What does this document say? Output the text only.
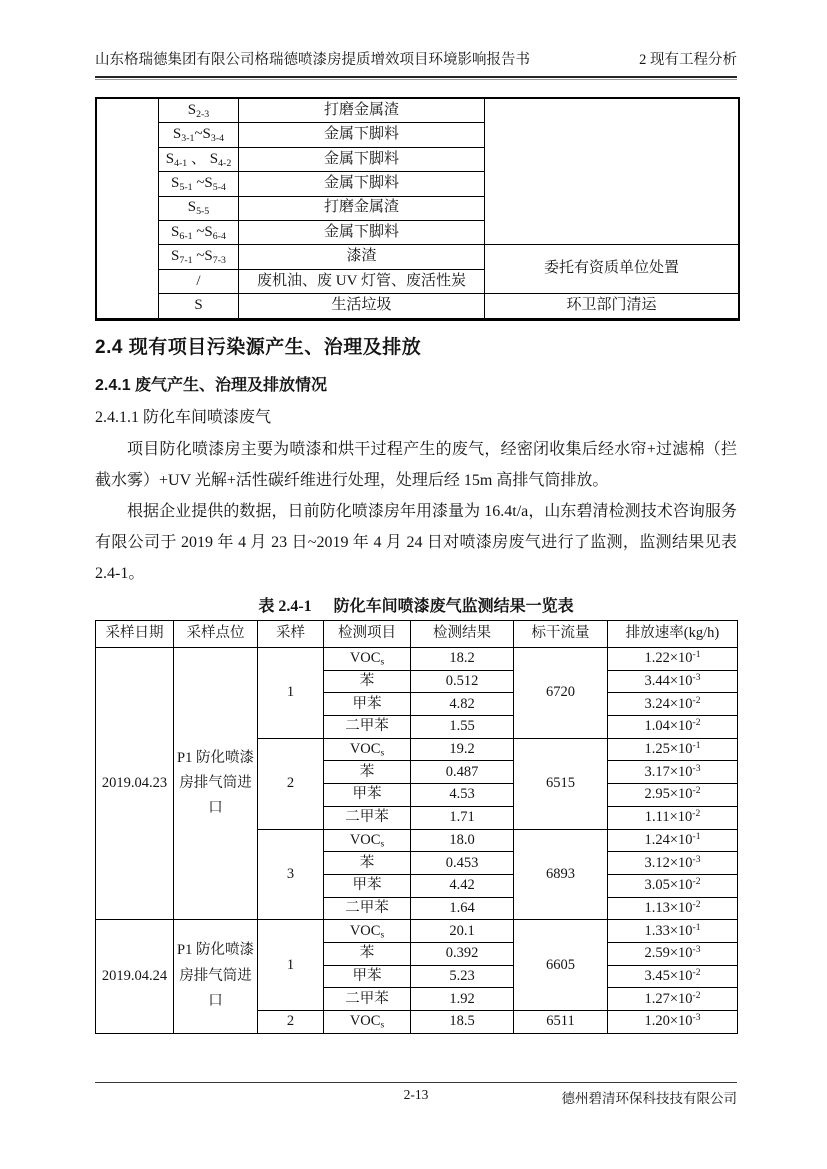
山东格瑞德集团有限公司格瑞德喷漆房提质增效项目环境影响报告书	2 现有工程分析
	$S_{2-3}$	打磨金属渣	
	$S_{3-1}\sim S_{3-4}$	金属下脚料	
	$S_{4-1}$ 、 $S_{4-2}$	金属下脚料	
	$S_{5-1}$ $\sim S_{5-4}$	金属下脚料	
	$S_{5-5}$	打磨金属渣	
	$S_{6-1}$ $\sim S_{6-4}$	金属下脚料	
	$S_{7-1}$ $\sim S_{7-3}$	漆渣	委托有资质单位处置
	/	废机油、废 UV 灯管、废活性炭	
	S	生活垃圾	环卫部门清运
2.4 现有项目污染源产生、治理及排放
2.4.1 废气产生、治理及排放情况
2.4.1.1 防化车间喷漆废气

项目防化喷漆房主要为喷漆和烘干过程产生的废气，经密闭收集后经水帘+过滤棉（拦截水雾）+UV 光解+活性碳纤维进行处理，处理后经 15m 高排气筒排放。

根据企业提供的数据，日前防化喷漆房年用漆量为 16.4t/a，山东碧清检测技术咨询服务有限公司于 2019 年 4 月 23 日~2019 年 4 月 24 日对喷漆房废气进行了监测，监测结果见表 2.4-1。

表 2.4-1 防化车间喷漆废气监测结果一览表
采样日期	采样点位	采样	检测项目	检测结果	标干流量	排放速率(kg/h)
2019.04.23	P1 防化喷漆房排气筒进口	1	$VOC_s$	18.2	6720	$1.22\times 10^{-1}$
			苯	0.512		$3.44\times 10^{-3}$
			甲苯	4.82		$3.24\times 10^{-2}$
			二甲苯	1.55		$1.04\times 10^{-2}$
		2	$VOC_s$	19.2	6515	$1.25\times 10^{-1}$
			苯	0.487		$3.17\times 10^{-3}$
			甲苯	4.53		$2.95\times 10^{-2}$
			二甲苯	1.71		$1.11\times 10^{-2}$
		3	$VOC_s$	18.0	6893	$1.24\times 10^{-1}$
			苯	0.453		$3.12\times 10^{-3}$
			甲苯	4.42		$3.05\times 10^{-2}$
			二甲苯	1.64		$1.13\times 10^{-2}$
2019.04.24	P1 防化喷漆房排气筒进口	1	$VOC_s$	20.1	6605	$1.33\times 10^{-1}$
			苯	0.392		$2.59\times 10^{-3}$
			甲苯	5.23		$3.45\times 10^{-2}$
			二甲苯	1.92		$1.27\times 10^{-2}$
		2	$VOC_s$	18.5	6511	$1.20\times 10^{-3}$
2-13	德州碧清环保科技技有限公司
